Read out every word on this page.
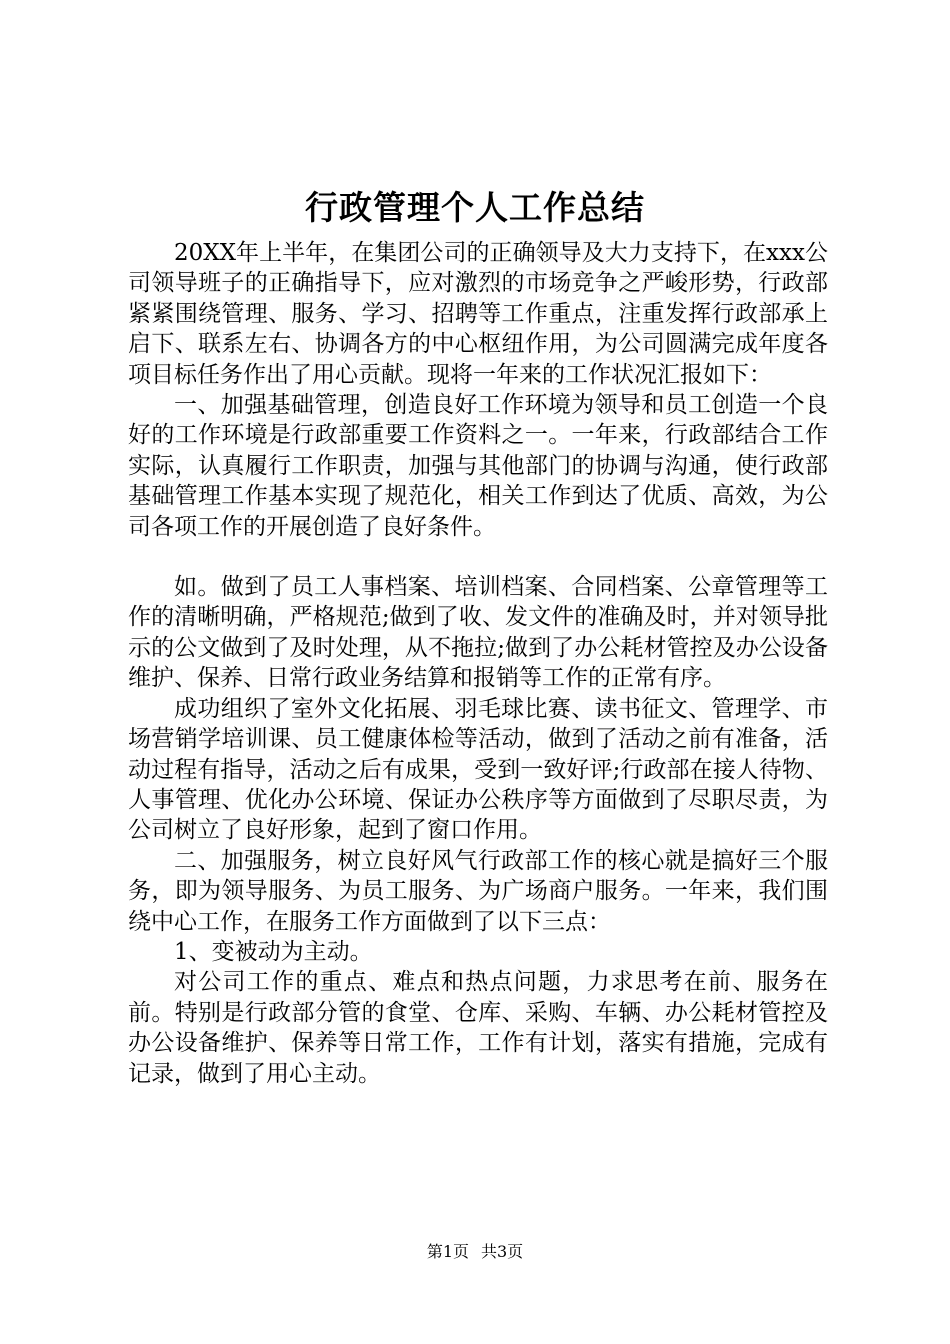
行政管理个人工作总结

20XX年上半年，在集团公司的正确领导及大力支持下，在xxx公司领导班子的正确指导下，应对激烈的市场竞争之严峻形势，行政部紧紧围绕管理、服务、学习、招聘等工作重点，注重发挥行政部承上启下、联系左右、协调各方的中心枢纽作用，为公司圆满完成年度各项目标任务作出了用心贡献。现将一年来的工作状况汇报如下：

一、加强基础管理，创造良好工作环境为领导和员工创造一个良好的工作环境是行政部重要工作资料之一。一年来，行政部结合工作实际，认真履行工作职责，加强与其他部门的协调与沟通，使行政部基础管理工作基本实现了规范化，相关工作到达了优质、高效，为公司各项工作的开展创造了良好条件。

如。做到了员工人事档案、培训档案、合同档案、公章管理等工作的清晰明确，严格规范;做到了收、发文件的准确及时，并对领导批示的公文做到了及时处理，从不拖拉;做到了办公耗材管控及办公设备维护、保养、日常行政业务结算和报销等工作的正常有序。

成功组织了室外文化拓展、羽毛球比赛、读书征文、管理学、市场营销学培训课、员工健康体检等活动，做到了活动之前有准备，活动过程有指导，活动之后有成果，受到一致好评;行政部在接人待物、人事管理、优化办公环境、保证办公秩序等方面做到了尽职尽责，为公司树立了良好形象，起到了窗口作用。

二、加强服务，树立良好风气行政部工作的核心就是搞好三个服务，即为领导服务、为员工服务、为广场商户服务。一年来，我们围绕中心工作，在服务工作方面做到了以下三点：

1、变被动为主动。

对公司工作的重点、难点和热点问题，力求思考在前、服务在前。特别是行政部分管的食堂、仓库、采购、车辆、办公耗材管控及办公设备维护、保养等日常工作，工作有计划，落实有措施，完成有记录，做到了用心主动。

第1页 共3页
